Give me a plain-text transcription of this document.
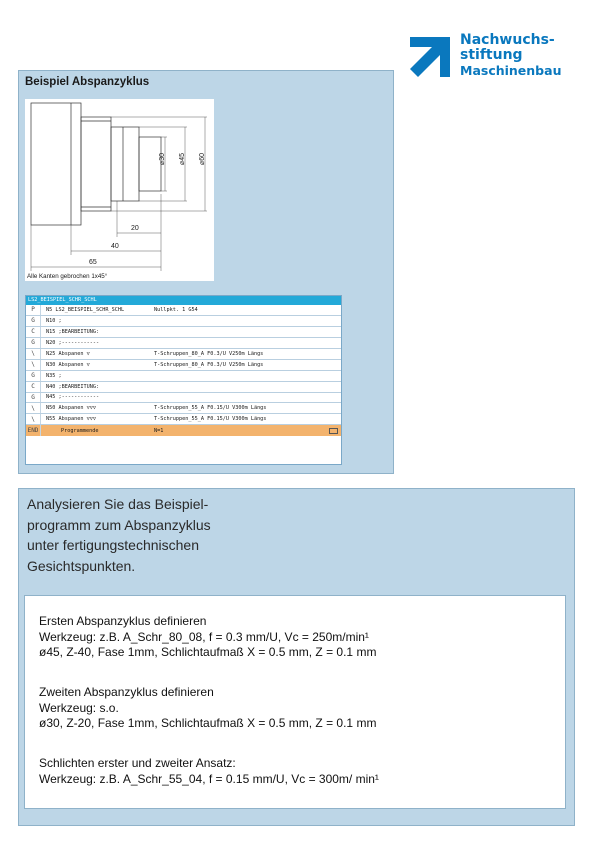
Nachwuchs-
stiftung
Maschinenbau
Beispiel Abspanzyklus
⌀30 ⌀45 ⌀60
20
40
65
Alle Kanten gebrochen 1x45°
LS2_BEISPIEL_SCHR_SCHL
P	N5 LS2_BEISPIEL_SCHR_SCHL	Nullpkt. 1 G54
G	N10 ;
C	N15 ;BEARBEITUNG:
G	N20 ;------------
\	N25 Abspanen ▽	T-Schruppen_80_A F0.3/U V250m Längs
\	N30 Abspanen ▽	T-Schruppen_80_A F0.3/U V250m Längs
G	N35 ;
C	N40 ;BEARBEITUNG:
G	N45 ;------------
\	N50 Abspanen ▽▽▽	T-Schruppen_55_A F0.15/U V300m Längs
\	N55 Abspanen ▽▽▽	T-Schruppen_55_A F0.15/U V300m Längs
END	Programmende	N=1
Analysieren Sie das Beispiel-
programm zum Abspanzyklus
unter fertigungstechnischen
Gesichtspunkten.
Ersten Abspanzyklus definieren
Werkzeug: z.B. A_Schr_80_08, f = 0.3 mm/U, Vc = 250m/min¹
ø45, Z-40, Fase 1mm, Schlichtaufmaß X = 0.5 mm, Z = 0.1 mm
Zweiten Abspanzyklus definieren
Werkzeug: s.o.
ø30, Z-20, Fase 1mm, Schlichtaufmaß X = 0.5 mm, Z = 0.1 mm
Schlichten erster und zweiter Ansatz:
Werkzeug: z.B. A_Schr_55_04, f = 0.15 mm/U, Vc = 300m/ min¹
